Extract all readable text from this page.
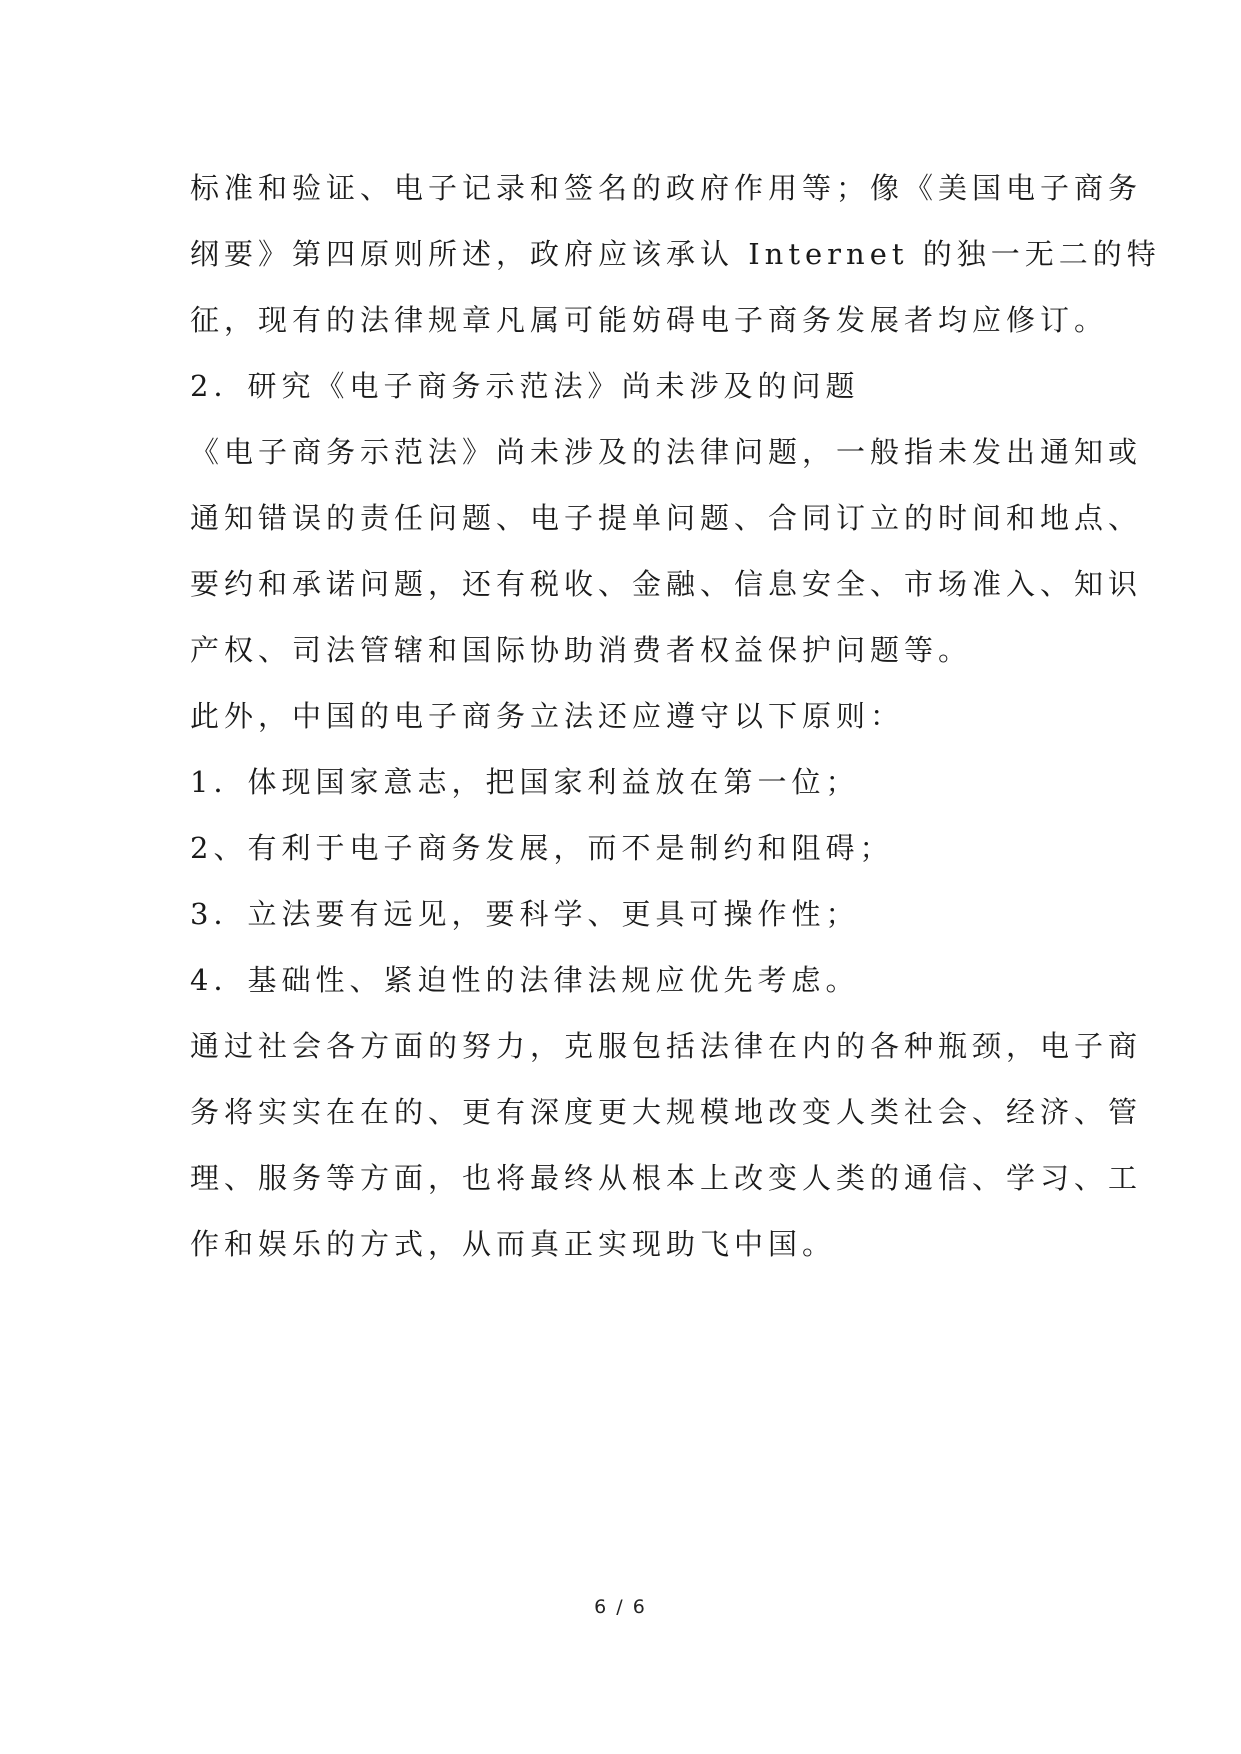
标准和验证、电子记录和签名的政府作用等；像《美国电子商务
纲要》第四原则所述，政府应该承认 Internet 的独一无二的特
征，现有的法律规章凡属可能妨碍电子商务发展者均应修订。
2．研究《电子商务示范法》尚未涉及的问题
《电子商务示范法》尚未涉及的法律问题，一般指未发出通知或
通知错误的责任问题、电子提单问题、合同订立的时间和地点、
要约和承诺问题，还有税收、金融、信息安全、市场准入、知识
产权、司法管辖和国际协助消费者权益保护问题等。
此外，中国的电子商务立法还应遵守以下原则：
1．体现国家意志，把国家利益放在第一位；
2、有利于电子商务发展，而不是制约和阻碍；
3．立法要有远见，要科学、更具可操作性；
4．基础性、紧迫性的法律法规应优先考虑。
通过社会各方面的努力，克服包括法律在内的各种瓶颈，电子商
务将实实在在的、更有深度更大规模地改变人类社会、经济、管
理、服务等方面，也将最终从根本上改变人类的通信、学习、工
作和娱乐的方式，从而真正实现助飞中国。
6 / 6
